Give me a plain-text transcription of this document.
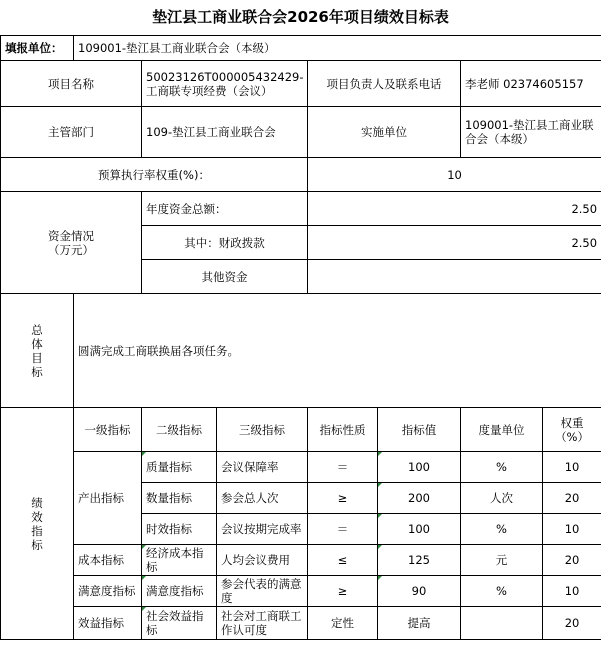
垫江县工商业联合会2026年项目绩效目标表
填报单位：	109001-垫江县工商业联合会（本级）						
项目名称		50023126T000005432429-工商联专项经费（会议）		项目负责人及联系电话		李老师 02374605157	
主管部门		109-垫江县工商业联合会		实施单位		109001-垫江县工商业联合会（本级）	
预算执行率权重(%)：				10			

资金情况
（万元）		年度资金总额：		2.50			
		其中：财政拨款		2.50			
		其他资金					

总
体
目
标	圆满完成工商联换届各项任务。						

绩
效
指
标	一级指标	二级指标	三级指标	指标性质	指标值	度量单位	权重（%）
	产出指标	质量指标	会议保障率	＝	100	%	10
		数量指标	参会总人次	≥	200	人次	20
		时效指标	会议按期完成率	＝	100	%	10
	成本指标	经济成本指标	人均会议费用	≤	125	元	20
	满意度指标	满意度指标	参会代表的满意度	≥	90	%	10
	效益指标	社会效益指标	社会对工商联工作认可度	定性	提高		20
